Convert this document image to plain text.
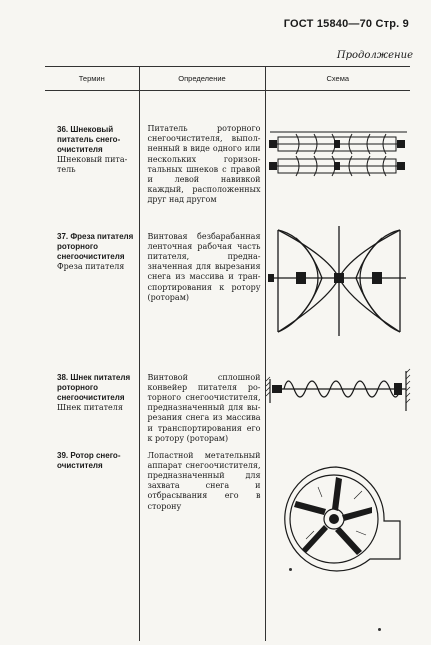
ГОСТ 15840—70 Стр. 9
Продолжение
Термин	Определение	Схема

36. Шнековый питатель снегоочистителя
Шнековый питатель	Питатель роторного снегоочистителя, выполненный в виде одного или нескольких горизонтальных шнеков с правой и левой навивкой каждый, расположенных друг над другом

37. Фреза питателя роторного снегоочистителя
Фреза питателя	Винтовая безбарабанная ленточная рабочая часть питателя, предназначенная для вырезания снега из массива и транспортирования к ротору (роторам)

38. Шнек питателя роторного снегоочистителя
Шнек питателя	Винтовой сплошной конвейер питателя роторного снегоочистителя, предназначенный для вырезания снега из массива и транспортирования его к ротору (роторам)

39. Ротор снегоочистителя	Лопастной метательный аппарат снегоочистителя, предназначенный для захвата снега и отбрасывания его в сторону
